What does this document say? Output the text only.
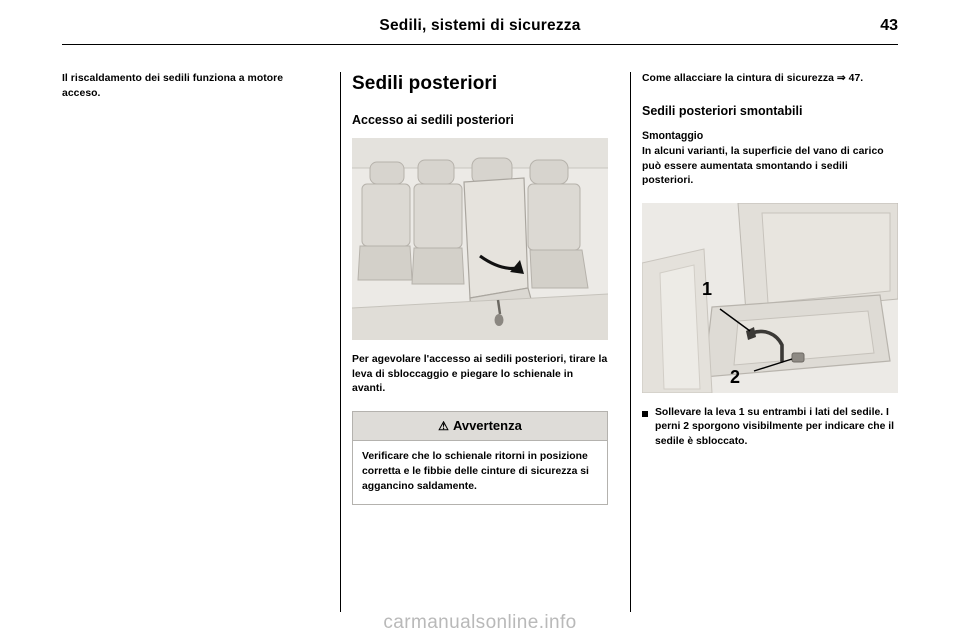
Sedili, sistemi di sicurezza	43

Il riscaldamento dei sedili funziona a motore acceso.	Sedili posteriori
Accesso ai sedili posteriori

Per agevolare l'accesso ai sedili posteriori, tirare la leva di sbloccaggio e piegare lo schienale in avanti.

⚠ Avvertenza
Verificare che lo schienale ritorni in posizione corretta e le fibbie delle cinture di sicurezza si aggancino saldamente.

Come allacciare la cintura di sicurezza ⇒ 47.

Sedili posteriori smontabili
Smontaggio

In alcuni varianti, la superficie del vano di carico può essere aumentata smontando i sedili posteriori.

1
2
Sollevare la leva 1 su entrambi i lati del sedile. I perni 2 sporgono visibilmente per indicare che il sedile è sbloccato.
carmanualsonline.info
